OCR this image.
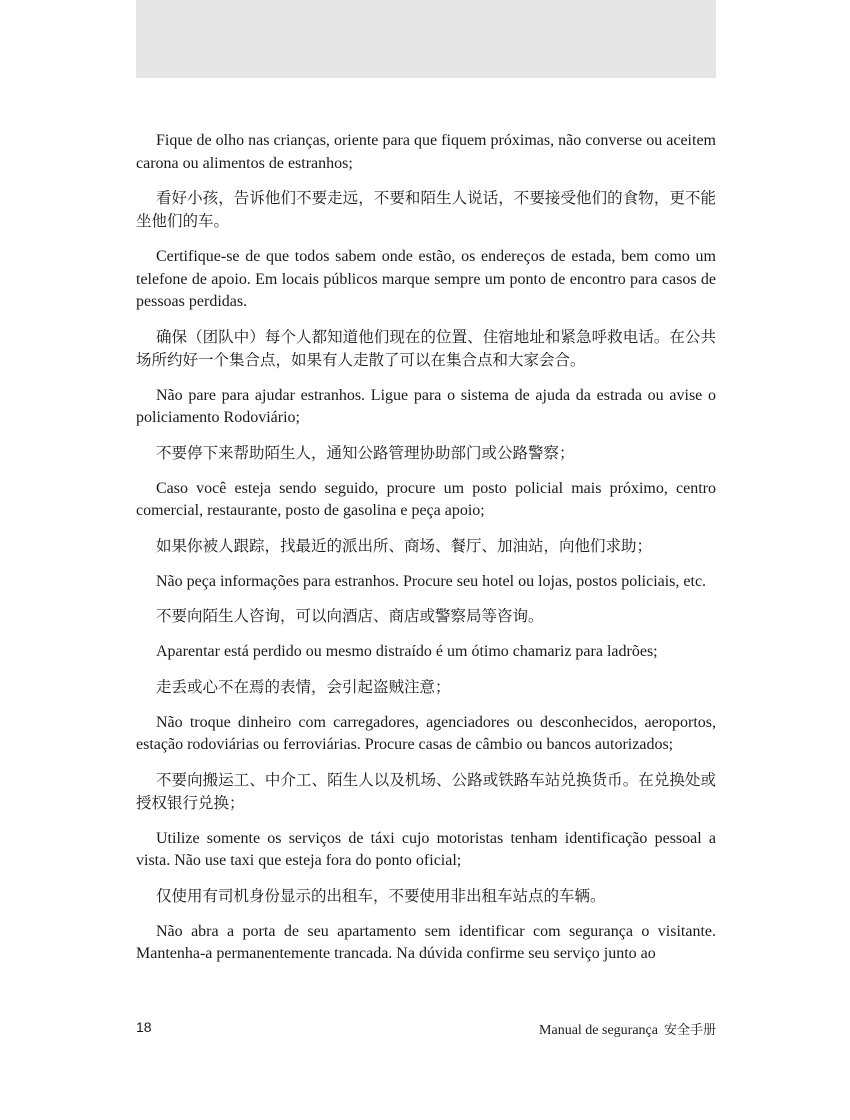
Fique de olho nas crianças, oriente para que fiquem próximas, não converse ou aceitem carona ou alimentos de estranhos;

看好小孩，告诉他们不要走远，不要和陌生人说话，不要接受他们的食物，更不能坐他们的车。

Certifique-se de que todos sabem onde estão, os endereços de estada, bem como um telefone de apoio. Em locais públicos marque sempre um ponto de encontro para casos de pessoas perdidas.

确保（团队中）每个人都知道他们现在的位置、住宿地址和紧急呼救电话。在公共场所约好一个集合点，如果有人走散了可以在集合点和大家会合。

Não pare para ajudar estranhos. Ligue para o sistema de ajuda da estrada ou avise o policiamento Rodoviário;

不要停下来帮助陌生人，通知公路管理协助部门或公路警察；

Caso você esteja sendo seguido, procure um posto policial mais próximo, centro comercial, restaurante, posto de gasolina e peça apoio;

如果你被人跟踪，找最近的派出所、商场、餐厅、加油站，向他们求助；

Não peça informações para estranhos. Procure seu hotel ou lojas, postos policiais, etc.

不要向陌生人咨询，可以向酒店、商店或警察局等咨询。

Aparentar está perdido ou mesmo distraído é um ótimo chamariz para ladrões;

走丢或心不在焉的表情，会引起盗贼注意；

Não troque dinheiro com carregadores, agenciadores ou desconhecidos, aeroportos, estação rodoviárias ou ferroviárias. Procure casas de câmbio ou bancos autorizados;

不要向搬运工、中介工、陌生人以及机场、公路或铁路车站兑换货币。在兑换处或授权银行兑换；

Utilize somente os serviços de táxi cujo motoristas tenham identificação pessoal a vista. Não use taxi que esteja fora do ponto oficial;

仅使用有司机身份显示的出租车，不要使用非出租车站点的车辆。

Não abra a porta de seu apartamento sem identificar com segurança o visitante. Mantenha-a permanentemente trancada. Na dúvida confirme seu serviço junto ao

18	Manual de segurança 安全手册
